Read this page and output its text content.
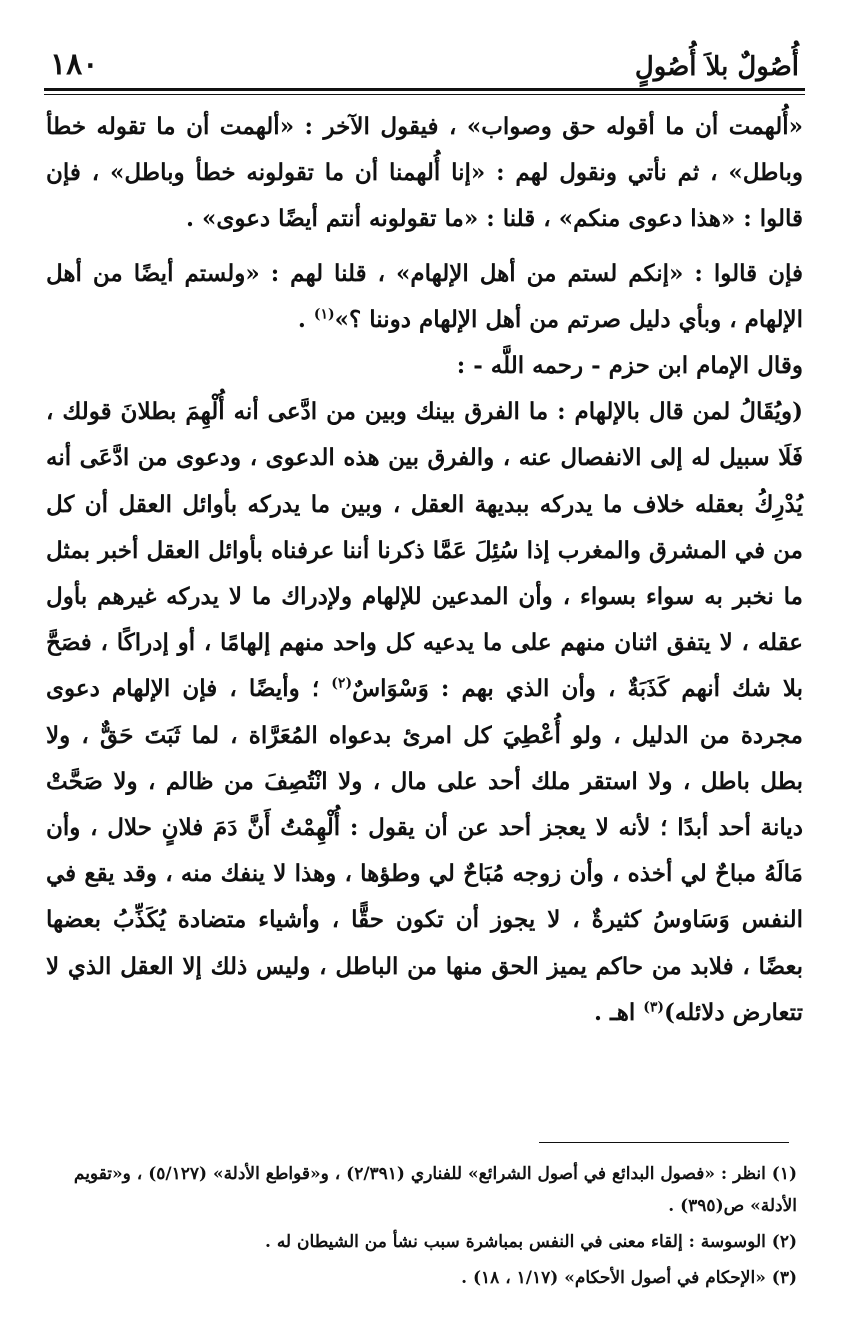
أُصُولٌ بلاَ أُصُولٍ
١٨٠

«أُلهمت أن ما أقوله حق وصواب» ، فيقول الآخر : «ألهمت أن ما تقوله خطأ وباطل» ، ثم نأتي ونقول لهم : «إنا أُلهمنا أن ما تقولونه خطأ وباطل» ، فإن قالوا : «هذا دعوى منكم» ، قلنا : «ما تقولونه أنتم أيضًا دعوى» .

فإن قالوا : «إنكم لستم من أهل الإلهام» ، قلنا لهم : «ولستم أيضًا من أهل الإلهام ، وبأي دليل صرتم من أهل الإلهام دوننا ؟»$^{(١)}$ .

وقال الإمام ابن حزم - رحمه اللَّه - :

(ويُقَالُ لمن قال بالإلهام : ما الفرق بينك وبين من ادَّعى أنه أُلْهِمَ بطلانَ قولك ، فَلَا سبيل له إلى الانفصال عنه ، والفرق بين هذه الدعوى ، ودعوى من ادَّعَى أنه يُدْرِكُ بعقله خلاف ما يدركه ببديهة العقل ، وبين ما يدركه بأوائل العقل أن كل من في المشرق والمغرب إذا سُئِلَ عَمَّا ذكرنا أننا عرفناه بأوائل العقل أخبر بمثل ما نخبر به سواء بسواء ، وأن المدعين للإلهام ولإدراك ما لا يدركه غيرهم بأول عقله ، لا يتفق اثنان منهم على ما يدعيه كل واحد منهم إلهامًا ، أو إدراكًا ، فصَحَّ بلا شك أنهم كَذَبَةٌ ، وأن الذي بهم : وَسْوَاسٌ$^{(٢)}$ ؛ وأيضًا ، فإن الإلهام دعوى مجردة من الدليل ، ولو أُعْطِيَ كل امرئ بدعواه المُعَرَّاة ، لما ثَبَتَ حَقٌّ ، ولا بطل باطل ، ولا استقر ملك أحد على مال ، ولا انْتُصِفَ من ظالم ، ولا صَحَّتْ ديانة أحد أبدًا ؛ لأنه لا يعجز أحد عن أن يقول : أُلْهِمْتُ أَنَّ دَمَ فلانٍ حلال ، وأن مَالَهُ مباحٌ لي أخذه ، وأن زوجه مُبَاحٌ لي وطؤها ، وهذا لا ينفك منه ، وقد يقع في النفس وَسَاوسُ كثيرةٌ ، لا يجوز أن تكون حقًّا ، وأشياء متضادة يُكَذِّبُ بعضها بعضًا ، فلابد من حاكم يميز الحق منها من الباطل ، وليس ذلك إلا العقل الذي لا تتعارض دلائله)$^{(٣)}$ اهـ .

(١) انظر : «فصول البدائع في أصول الشرائع» للفناري (٢/٣٩١) ، و«قواطع الأدلة» (٥/١٢٧) ، و«تقويم الأدلة» ص(٣٩٥) .

(٢) الوسوسة : إلقاء معنى في النفس بمباشرة سبب نشأ من الشيطان له .

(٣) «الإحكام في أصول الأحكام» (١/١٧ ، ١٨) .
